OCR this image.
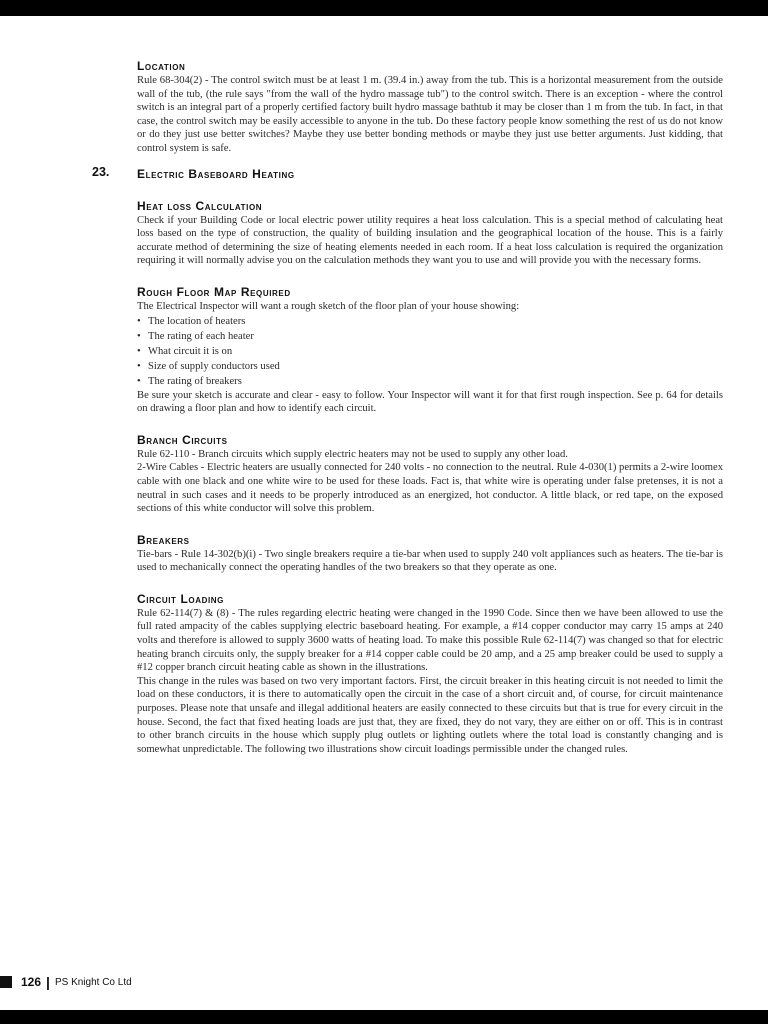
Location

Rule 68-304(2) - The control switch must be at least 1 m. (39.4 in.) away from the tub. This is a horizontal measurement from the outside wall of the tub, (the rule says "from the wall of the hydro massage tub") to the control switch. There is an exception - where the control switch is an integral part of a properly certified factory built hydro massage bathtub it may be closer than 1 m from the tub. In fact, in that case, the control switch may be easily accessible to anyone in the tub. Do these factory people know something the rest of us do not know or do they just use better switches? Maybe they use better bonding methods or maybe they just use better arguments. Just kidding, that control system is safe.

23. Electric Baseboard Heating
Heat loss Calculation

Check if your Building Code or local electric power utility requires a heat loss calculation. This is a special method of calculating heat loss based on the type of construction, the quality of building insulation and the geographical location of the house. This is a fairly accurate method of determining the size of heating elements needed in each room. If a heat loss calculation is required the organization requiring it will normally advise you on the calculation methods they want you to use and will provide you with the necessary forms.

Rough Floor Map Required

The Electrical Inspector will want a rough sketch of the floor plan of your house showing:

• The location of heaters
• The rating of each heater
• What circuit it is on
• Size of supply conductors used
• The rating of breakers

Be sure your sketch is accurate and clear - easy to follow. Your Inspector will want it for that first rough inspection. See p. 64 for details on drawing a floor plan and how to identify each circuit.

Branch Circuits

Rule 62-110 - Branch circuits which supply electric heaters may not be used to supply any other load.

2-Wire Cables - Electric heaters are usually connected for 240 volts - no connection to the neutral. Rule 4-030(1) permits a 2-wire loomex cable with one black and one white wire to be used for these loads. Fact is, that white wire is operating under false pretenses, it is not a neutral in such cases and it needs to be properly introduced as an energized, hot conductor. A little black, or red tape, on the exposed sections of this white conductor will solve this problem.

Breakers

Tie-bars - Rule 14-302(b)(i) - Two single breakers require a tie-bar when used to supply 240 volt appliances such as heaters. The tie-bar is used to mechanically connect the operating handles of the two breakers so that they operate as one.

Circuit Loading

Rule 62-114(7) & (8) - The rules regarding electric heating were changed in the 1990 Code. Since then we have been allowed to use the full rated ampacity of the cables supplying electric baseboard heating. For example, a #14 copper conductor may carry 15 amps at 240 volts and therefore is allowed to supply 3600 watts of heating load. To make this possible Rule 62-114(7) was changed so that for electric heating branch circuits only, the supply breaker for a #14 copper cable could be 20 amp, and a 25 amp breaker could be used to supply a #12 copper branch circuit heating cable as shown in the illustrations.

This change in the rules was based on two very important factors. First, the circuit breaker in this heating circuit is not needed to limit the load on these conductors, it is there to automatically open the circuit in the case of a short circuit and, of course, for circuit maintenance purposes. Please note that unsafe and illegal additional heaters are easily connected to these circuits but that is true for every circuit in the house. Second, the fact that fixed heating loads are just that, they are fixed, they do not vary, they are either on or off. This is in contrast to other branch circuits in the house which supply plug outlets or lighting outlets where the total load is constantly changing and is somewhat unpredictable. The following two illustrations show circuit loadings permissible under the changed rules.

126 | PS Knight Co Ltd
